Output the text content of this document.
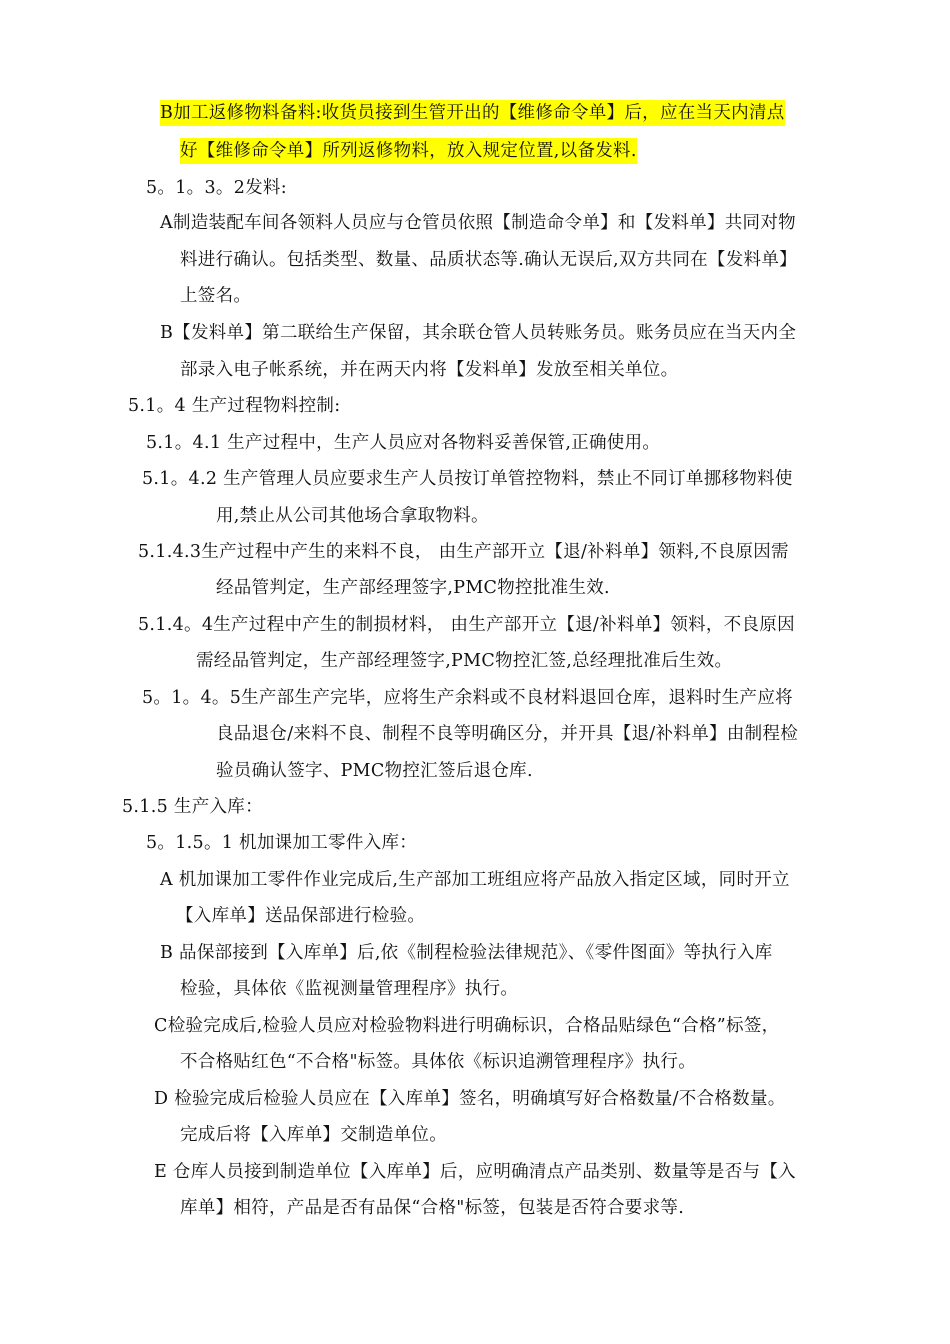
B加工返修物料备料:收货员接到生管开出的【维修命令单】后，应在当天内清点
好【维修命令单】所列返修物料，放入规定位置,以备发料.
5。1。3。2发料:
A制造装配车间各领料人员应与仓管员依照【制造命令单】和【发料单】共同对物
料进行确认。包括类型、数量、品质状态等.确认无误后,双方共同在【发料单】
上签名。
B【发料单】第二联给生产保留，其余联仓管人员转账务员。账务员应在当天内全
部录入电子帐系统，并在两天内将【发料单】发放至相关单位。
5.1。4 生产过程物料控制:
5.1。4.1 生产过程中，生产人员应对各物料妥善保管,正确使用。
5.1。4.2 生产管理人员应要求生产人员按订单管控物料，禁止不同订单挪移物料使
用,禁止从公司其他场合拿取物料。
5.1.4.3生产过程中产生的来料不良， 由生产部开立【退/补料单】领料,不良原因需
经品管判定，生产部经理签字,PMC物控批准生效.
5.1.4。4生产过程中产生的制损材料， 由生产部开立【退/补料单】领料，不良原因
需经品管判定，生产部经理签字,PMC物控汇签,总经理批准后生效。
5。1。4。5生产部生产完毕，应将生产余料或不良材料退回仓库，退料时生产应将
良品退仓/来料不良、制程不良等明确区分，并开具【退/补料单】由制程检
验员确认签字、PMC物控汇签后退仓库.
5.1.5 生产入库：
5。1.5。1 机加课加工零件入库：
A 机加课加工零件作业完成后,生产部加工班组应将产品放入指定区域，同时开立
【入库单】送品保部进行检验。
B 品保部接到【入库单】后,依《制程检验法律规范》、《零件图面》等执行入库
检验，具体依《监视测量管理程序》执行。
C检验完成后,检验人员应对检验物料进行明确标识，合格品贴绿色“合格”标签，
不合格贴红色“不合格"标签。具体依《标识追溯管理程序》执行。
D 检验完成后检验人员应在【入库单】签名，明确填写好合格数量/不合格数量。
完成后将【入库单】交制造单位。
E 仓库人员接到制造单位【入库单】后，应明确清点产品类别、数量等是否与【入
库单】相符，产品是否有品保“合格"标签，包装是否符合要求等.
